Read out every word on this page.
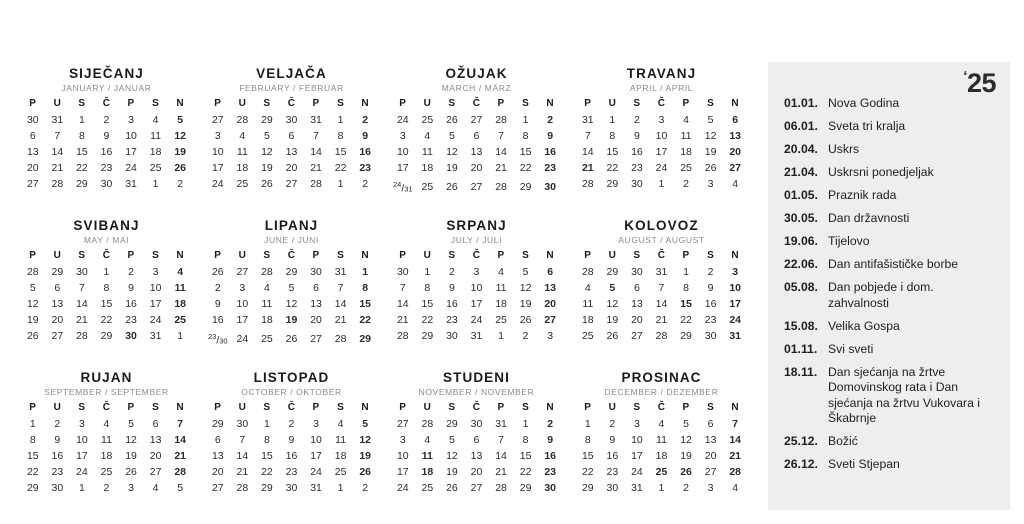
SIJEČANJ
JANUARY / JANUAR
P	U	S	Č	P	S	N
30	31	1	2	3	4	5
6	7	8	9	10	11	12
13	14	15	16	17	18	19
20	21	22	23	24	25	26
27	28	29	30	31	1	2
VELJAČA
FEBRUARY / FEBRUAR
P	U	S	Č	P	S	N
27	28	29	30	31	1	2
3	4	5	6	7	8	9
10	11	12	13	14	15	16
17	18	19	20	21	22	23
24	25	26	27	28	1	2
OŽUJAK
MARCH / MÄRZ
P	U	S	Č	P	S	N
24	25	26	27	28	1	2
3	4	5	6	7	8	9
10	11	12	13	14	15	16
17	18	19	20	21	22	23
$^{24}$/31	25	26	27	28	29	30
TRAVANJ
APRIL / APRIL
P	U	S	Č	P	S	N
31	1	2	3	4	5	6
7	8	9	10	11	12	13
14	15	16	17	18	19	20
21	22	23	24	25	26	27
28	29	30	1	2	3	4
SVIBANJ
MAY / MAI
P	U	S	Č	P	S	N
28	29	30	1	2	3	4
5	6	7	8	9	10	11
12	13	14	15	16	17	18
19	20	21	22	23	24	25
26	27	28	29	30	31	1
LIPANJ
JUNE / JUNI
P	U	S	Č	P	S	N
26	27	28	29	30	31	1
2	3	4	5	6	7	8
9	10	11	12	13	14	15
16	17	18	19	20	21	22
$^{23}$/30	24	25	26	27	28	29
SRPANJ
JULY / JULI
P	U	S	Č	P	S	N
30	1	2	3	4	5	6
7	8	9	10	11	12	13
14	15	16	17	18	19	20
21	22	23	24	25	26	27
28	29	30	31	1	2	3
KOLOVOZ
AUGUST / AUGUST
P	U	S	Č	P	S	N
28	29	30	31	1	2	3
4	5	6	7	8	9	10
11	12	13	14	15	16	17
18	19	20	21	22	23	24
25	26	27	28	29	30	31
RUJAN
SEPTEMBER / SEPTEMBER
P	U	S	Č	P	S	N
1	2	3	4	5	6	7
8	9	10	11	12	13	14
15	16	17	18	19	20	21
22	23	24	25	26	27	28
29	30	1	2	3	4	5
LISTOPAD
OCTOBER / OKTOBER
P	U	S	Č	P	S	N
29	30	1	2	3	4	5
6	7	8	9	10	11	12
13	14	15	16	17	18	19
20	21	22	23	24	25	26
27	28	29	30	31	1	2
STUDENI
NOVEMBER / NOVEMBER
P	U	S	Č	P	S	N
27	28	29	30	31	1	2
3	4	5	6	7	8	9
10	11	12	13	14	15	16
17	18	19	20	21	22	23
24	25	26	27	28	29	30
PROSINAC
DECEMBER / DEZEMBER
P	U	S	Č	P	S	N
1	2	3	4	5	6	7
8	9	10	11	12	13	14
15	16	17	18	19	20	21
22	23	24	25	26	27	28
29	30	31	1	2	3	4
‘25
01.01. Nova Godina
06.01. Sveta tri kralja
20.04. Uskrs
21.04. Uskrsni ponedjeljak
01.05. Praznik rada
30.05. Dan državnosti
19.06. Tijelovo
22.06. Dan antifašističke borbe
05.08. Dan pobjede i dom. zahvalnosti
15.08. Velika Gospa
01.11. Svi sveti
18.11. Dan sjećanja na žrtve Domovinskog rata i Dan sjećanja na žrtvu Vukovara i Škabrnje
25.12. Božić
26.12. Sveti Stjepan
